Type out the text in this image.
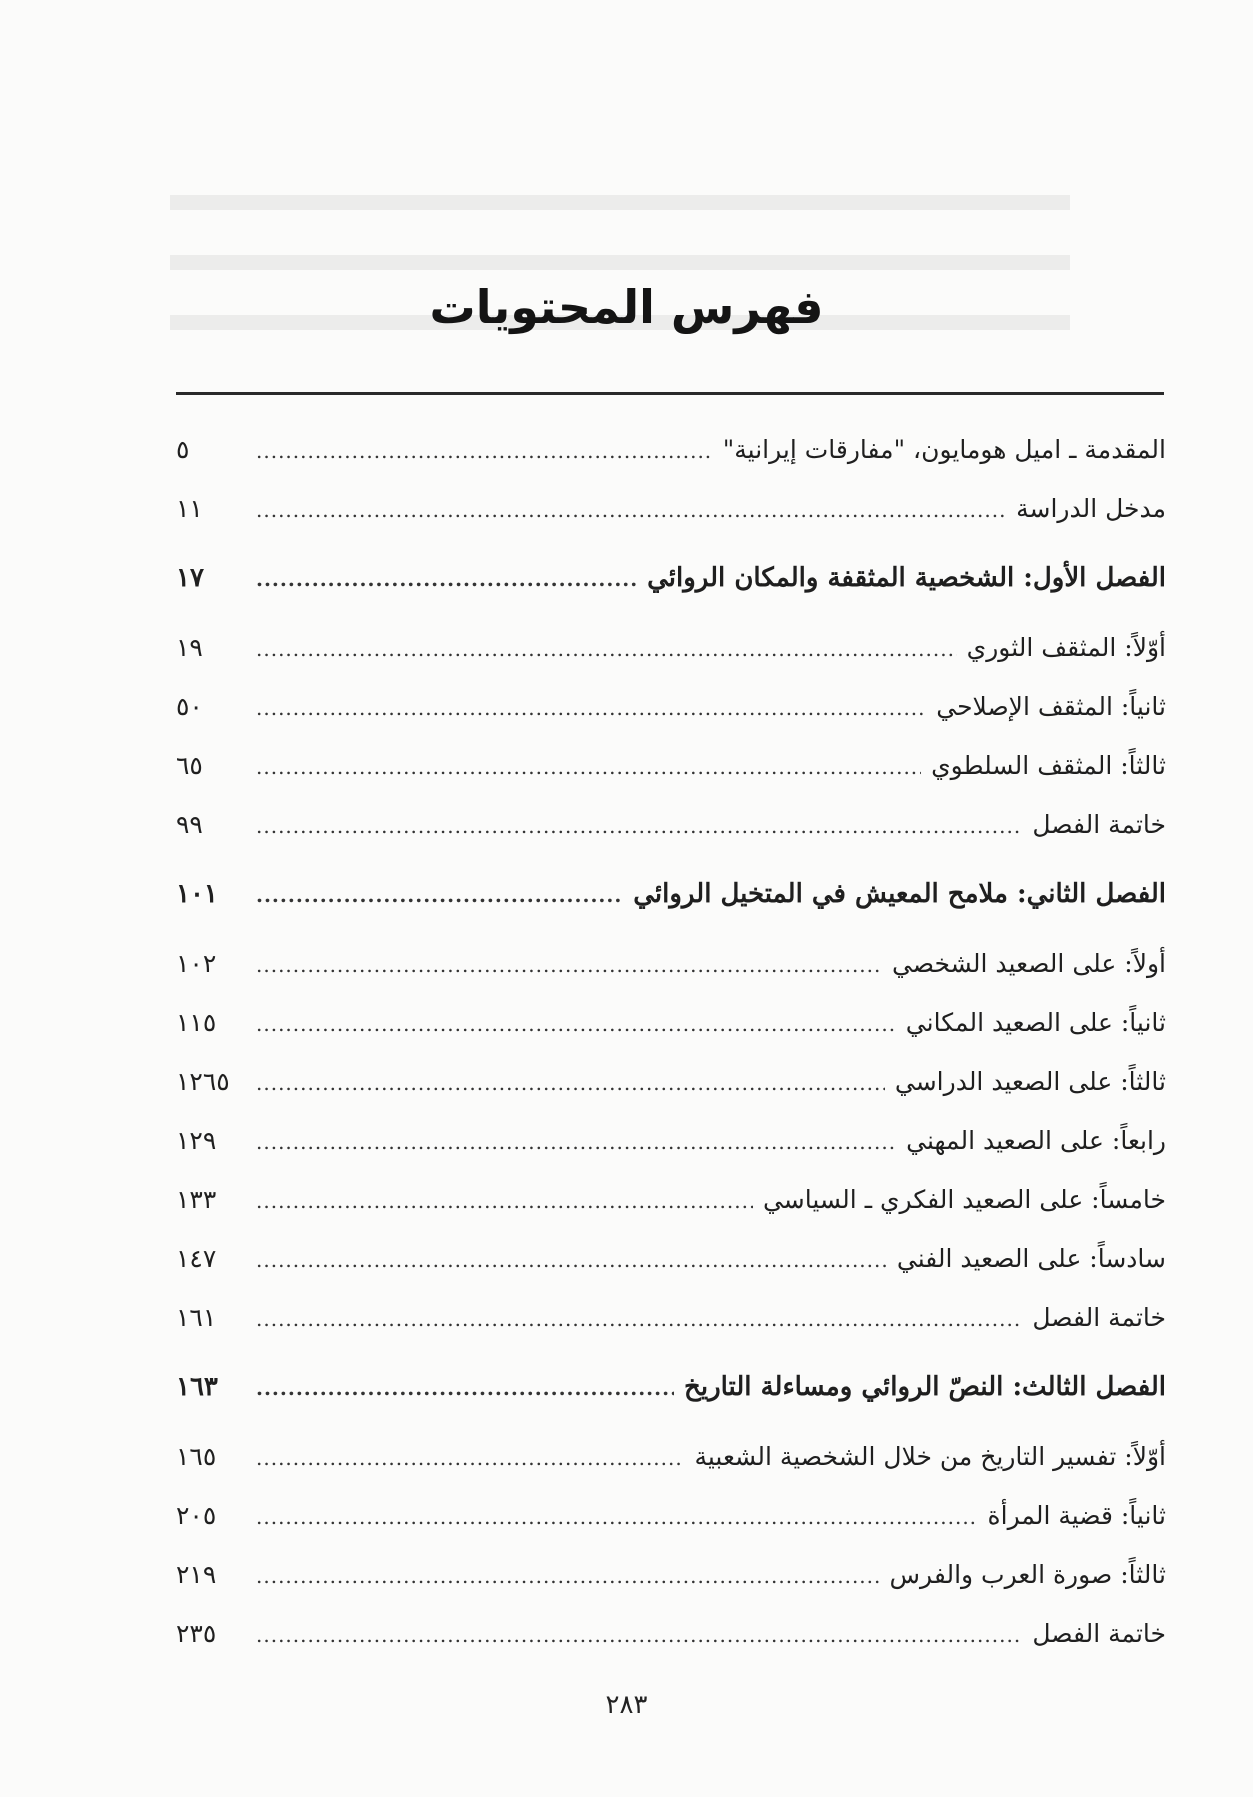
فهرس المحتويات
المقدمة ـ اميل هومايون، "مفارقات إيرانية"
.....
٥
مدخل الدراسة
.....
١١
الفصل الأول: الشخصية المثقفة والمكان الروائي
.....
١٧
أوّلاً: المثقف الثوري
.....
١٩
ثانياً: المثقف الإصلاحي
.....
٥٠
ثالثاً: المثقف السلطوي
.....
٦٥
خاتمة الفصل
.....
٩٩
الفصل الثاني: ملامح المعيش في المتخيل الروائي
.....
١٠١
أولاً: على الصعيد الشخصي
.....
١٠٢
ثانياً: على الصعيد المكاني
.....
١١٥
ثالثاً: على الصعيد الدراسي
.....
١٢٦٥
رابعاً: على الصعيد المهني
.....
١٢٩
خامساً: على الصعيد الفكري ـ السياسي
.....
١٣٣
سادساً: على الصعيد الفني
.....
١٤٧
خاتمة الفصل
.....
١٦١
الفصل الثالث: النصّ الروائي ومساءلة التاريخ
.....
١٦٣
أوّلاً: تفسير التاريخ من خلال الشخصية الشعبية
.....
١٦٥
ثانياً: قضية المرأة
.....
٢٠٥
ثالثاً: صورة العرب والفرس
.....
٢١٩
خاتمة الفصل
.....
٢٣٥
٢٨٣
